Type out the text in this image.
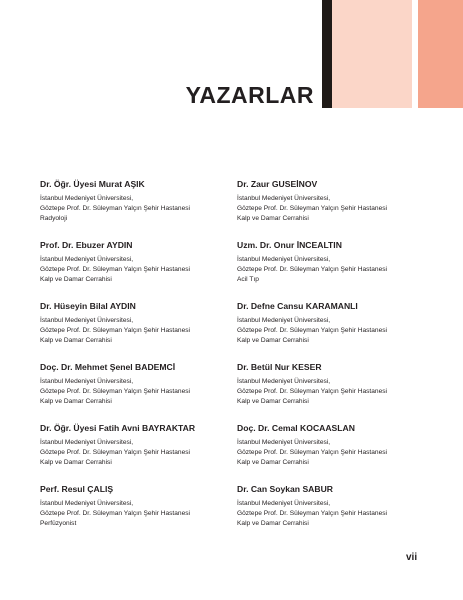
YAZARLAR
Dr. Öğr. Üyesi Murat AŞIK
İstanbul Medeniyet Üniversitesi,
Göztepe Prof. Dr. Süleyman Yalçın Şehir Hastanesi
Radyoloji
Prof. Dr. Ebuzer AYDIN
İstanbul Medeniyet Üniversitesi,
Göztepe Prof. Dr. Süleyman Yalçın Şehir Hastanesi
Kalp ve Damar Cerrahisi
Dr. Hüseyin Bilal AYDIN
İstanbul Medeniyet Üniversitesi,
Göztepe Prof. Dr. Süleyman Yalçın Şehir Hastanesi
Kalp ve Damar Cerrahisi
Doç. Dr. Mehmet Şenel BADEMCİ
İstanbul Medeniyet Üniversitesi,
Göztepe Prof. Dr. Süleyman Yalçın Şehir Hastanesi
Kalp ve Damar Cerrahisi
Dr. Öğr. Üyesi Fatih Avni BAYRAKTAR
İstanbul Medeniyet Üniversitesi,
Göztepe Prof. Dr. Süleyman Yalçın Şehir Hastanesi
Kalp ve Damar Cerrahisi
Perf. Resul ÇALIŞ
İstanbul Medeniyet Üniversitesi,
Göztepe Prof. Dr. Süleyman Yalçın Şehir Hastanesi
Perfüzyonist
Dr. Zaur GUSEİNOV
İstanbul Medeniyet Üniversitesi,
Göztepe Prof. Dr. Süleyman Yalçın Şehir Hastanesi
Kalp ve Damar Cerrahisi
Uzm. Dr. Onur İNCEALTIN
İstanbul Medeniyet Üniversitesi,
Göztepe Prof. Dr. Süleyman Yalçın Şehir Hastanesi
Acil Tıp
Dr. Defne Cansu KARAMANLI
İstanbul Medeniyet Üniversitesi,
Göztepe Prof. Dr. Süleyman Yalçın Şehir Hastanesi
Kalp ve Damar Cerrahisi
Dr. Betül Nur KESER
İstanbul Medeniyet Üniversitesi,
Göztepe Prof. Dr. Süleyman Yalçın Şehir Hastanesi
Kalp ve Damar Cerrahisi
Doç. Dr. Cemal KOCAASLAN
İstanbul Medeniyet Üniversitesi,
Göztepe Prof. Dr. Süleyman Yalçın Şehir Hastanesi
Kalp ve Damar Cerrahisi
Dr. Can Soykan SABUR
İstanbul Medeniyet Üniversitesi,
Göztepe Prof. Dr. Süleyman Yalçın Şehir Hastanesi
Kalp ve Damar Cerrahisi
vii
